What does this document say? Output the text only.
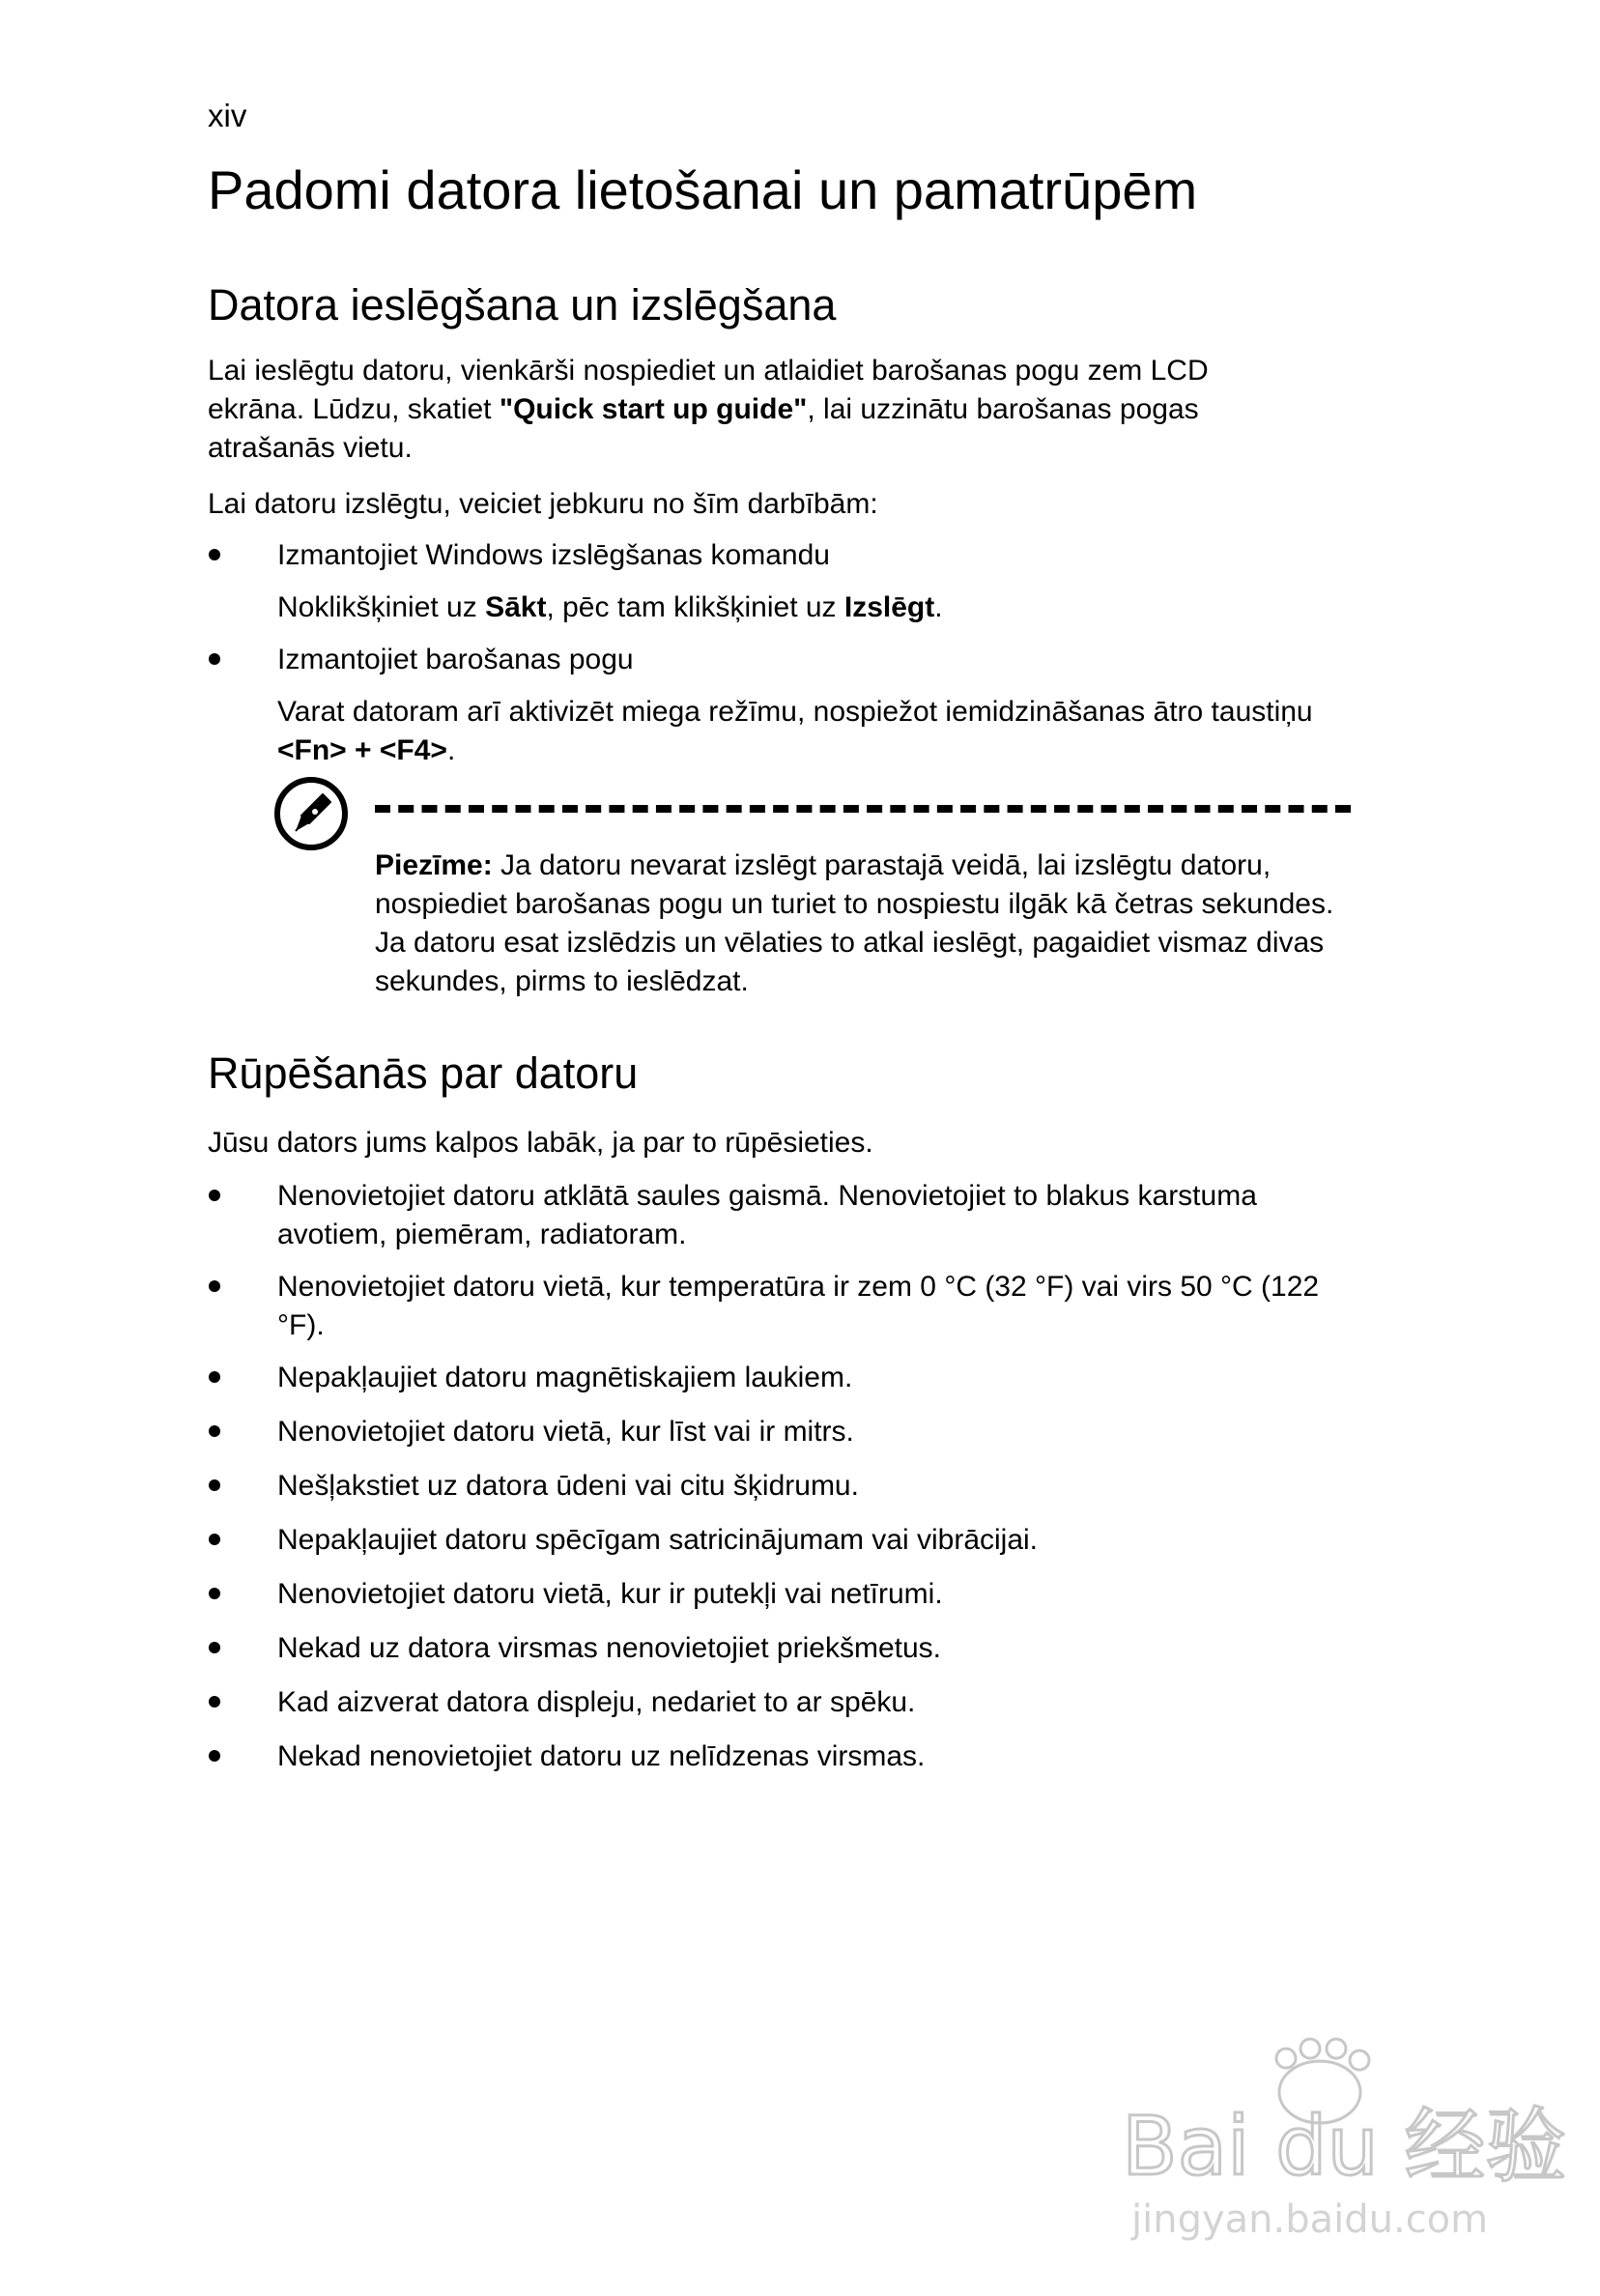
xiv
Padomi datora lietošanai un pamatrūpēm
Datora ieslēgšana un izslēgšana

Lai ieslēgtu datoru, vienkārši nospiediet un atlaidiet barošanas pogu zem LCD ekrāna. Lūdzu, skatiet "Quick start up guide", lai uzzinātu barošanas pogas atrašanās vietu.

Lai datoru izslēgtu, veiciet jebkuru no šīm darbībām:

Izmantojiet Windows izslēgšanas komandu

Noklikšķiniet uz Sākt, pēc tam klikšķiniet uz Izslēgt.

Izmantojiet barošanas pogu

Varat datoram arī aktivizēt miega režīmu, nospiežot iemidzināšanas ātro taustiņu <Fn> + <F4>.

Piezīme: Ja datoru nevarat izslēgt parastajā veidā, lai izslēgtu datoru, nospiediet barošanas pogu un turiet to nospiestu ilgāk kā četras sekundes. Ja datoru esat izslēdzis un vēlaties to atkal ieslēgt, pagaidiet vismaz divas sekundes, pirms to ieslēdzat.

Rūpēšanās par datoru

Jūsu dators jums kalpos labāk, ja par to rūpēsieties.

Nenovietojiet datoru atklātā saules gaismā. Nenovietojiet to blakus karstuma avotiem, piemēram, radiatoram.

Nenovietojiet datoru vietā, kur temperatūra ir zem 0 °C (32 °F) vai virs 50 °C (122 °F).

Nepakļaujiet datoru magnētiskajiem laukiem.

Nenovietojiet datoru vietā, kur līst vai ir mitrs.

Nešļakstiet uz datora ūdeni vai citu šķidrumu.

Nepakļaujiet datoru spēcīgam satricinājumam vai vibrācijai.

Nenovietojiet datoru vietā, kur ir putekļi vai netīrumi.

Nekad uz datora virsmas nenovietojiet priekšmetus.

Kad aizverat datora displeju, nedariet to ar spēku.

Nekad nenovietojiet datoru uz nelīdzenas virsmas.

Bai du 经验
jingyan.baidu.com
